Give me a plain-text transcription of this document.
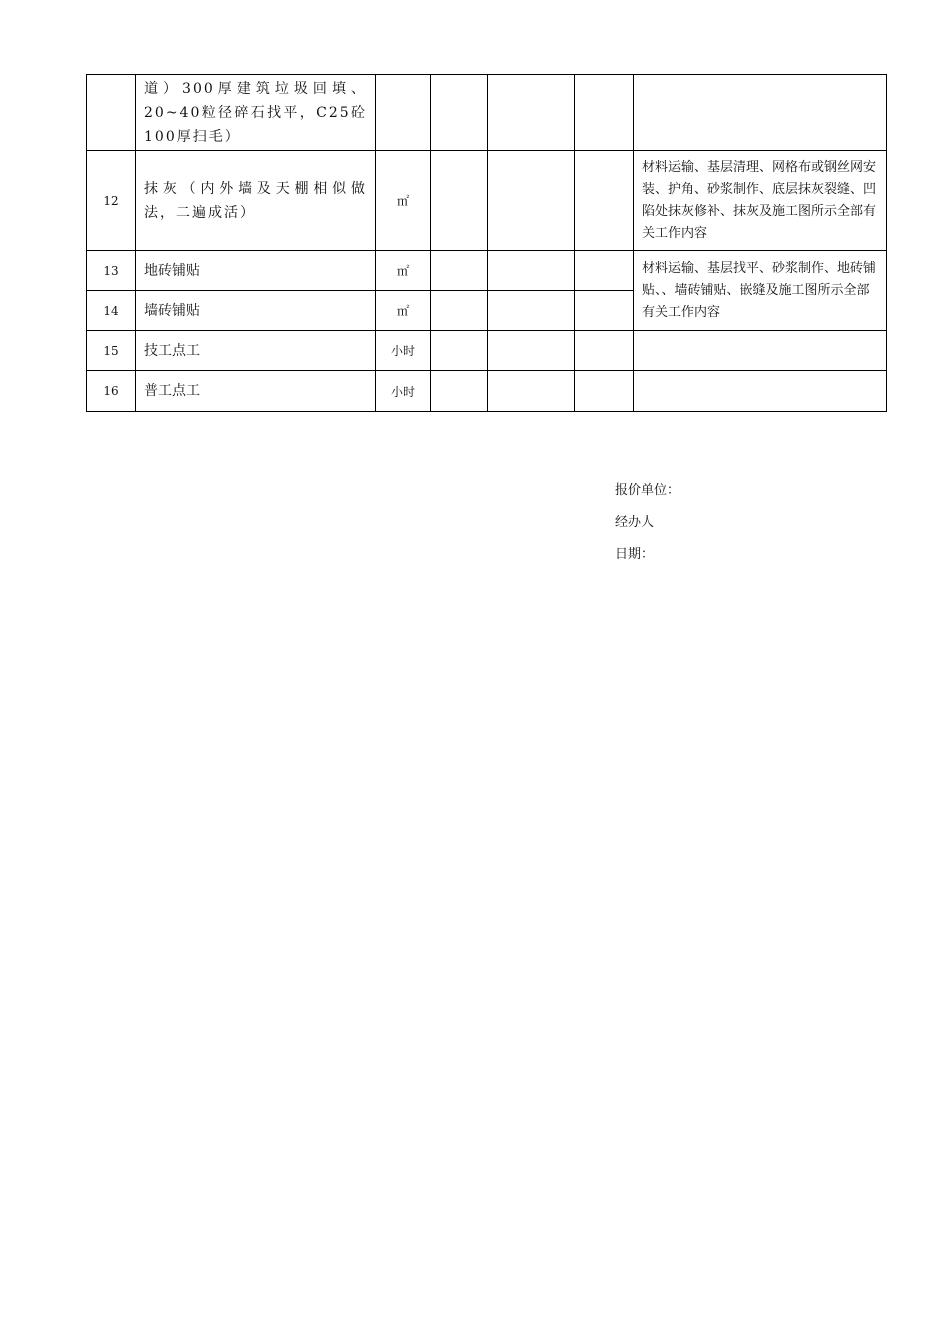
	道）300厚建筑垃圾回填、20~40粒径碎石找平，C25砼100厚扫毛）					
12	抹灰（内外墙及天棚相似做法，二遍成活）	㎡				材料运输、基层清理、网格布或钢丝网安装、护角、砂浆制作、底层抹灰裂缝、凹陷处抹灰修补、抹灰及施工图所示全部有关工作内容
13	地砖铺贴	㎡				材料运输、基层找平、砂浆制作、地砖铺贴、、墙砖铺贴、嵌缝及施工图所示全部有关工作内容
14	墙砖铺贴	㎡				
15	技工点工	小时				
16	普工点工	小时				
报价单位：
经办人
日期：
